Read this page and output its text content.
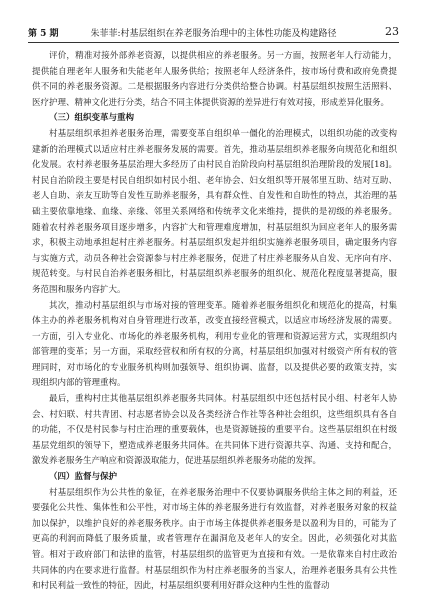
第 5 期	朱菲菲:村基层组织在养老服务治理中的主体性功能及构建路径	23

评价，精准对接外部养老资源，以提供相应的养老服务。另一方面，按照老年人行动能力，提供能自理老年人服务和失能老年人服务供给；按照老年人经济条件，按市场付费和政府免费提供不同的养老服务资源。二是根据服务内容进行分类供给整合协调。村基层组织按照生活照料、医疗护理、精神文化进行分类，结合不同主体提供资源的差异进行有效对接，形成差异化服务。

（三）组织变革与重构

村基层组织承担养老服务治理，需要变革自组织单一僵化的治理模式，以组织功能的改变构建新的治理模式以适应村庄养老服务发展的需要。首先，推动基层组织养老服务向规范化和组织化发展。农村养老服务基层治理大多经历了由村民自治阶段向村基层组织治理阶段的发展[18]。村民自治阶段主要是村民自组织如村民小组、老年协会、妇女组织等开展邻里互助、结对互助、老人自助、亲友互助等自发性互助养老服务，具有群众性、自发性和自助性的特点，其治理的基础主要依靠地缘、血缘、亲缘、邻里关系网络和传统孝文化来维持，提供的是初级的养老服务。随着农村养老服务项目逐步增多，内容扩大和管理难度增加，村基层组织为回应老年人的服务需求，积极主动地承担起村庄养老服务。村基层组织发起并组织实施养老服务项目，确定服务内容与实施方式，动员各种社会资源参与村庄养老服务，促进了村庄养老服务从自发、无序向有序、规范转变。与村民自治养老服务相比，村基层组织养老服务的组织化、规范化程度显著提高，服务范围和服务内容扩大。

其次，推动村基层组织与市场对接的管理变革。随着养老服务组织化和规范化的提高，村集体主办的养老服务机构对自身管理进行改革，改变直接经营模式，以适应市场经济发展的需要。一方面，引入专业化、市场化的养老服务机构，利用专业化的管理和资源运营方式，实现组织内部管理的变革；另一方面，采取经营权和所有权的分离，村基层组织加强对村级资产所有权的管理同时，对市场化的专业服务机构则加强领导、组织协调、监督，以及提供必要的政策支持，实现组织内部的管理重构。

最后，重构村庄其他基层组织养老服务共同体。村基层组织中还包括村民小组、村老年人协会、村妇联、村共青团、村志愿者协会以及各类经济合作社等各种社会组织，这些组织具有各自的功能，不仅是村民参与村庄治理的重要载体，也是资源链接的重要平台。这些基层组织在村级基层党组织的领导下，塑造成养老服务共同体。在共同体下进行资源共享、沟通、支持和配合，激发养老服务生产响应和资源汲取能力，促进基层组织养老服务功能的发挥。

（四）监督与保护

村基层组织作为公共性的象征，在养老服务治理中不仅要协调服务供给主体之间的利益，还要强化公共性、集体性和公平性，对市场主体的养老服务进行有效监督，对养老服务对象的权益加以保护，以维护良好的养老服务秩序。由于市场主体提供养老服务是以盈利为目的，可能为了更高的利润而降低了服务质量，或者管理存在漏洞危及老年人的安全。因此，必须强化对其监管。相对于政府部门和法律的监管，村基层组织的监管更为直接和有效。一是依靠来自村庄政治共同体的内在要求进行监督。村基层组织作为村庄养老服务的当家人，治理养老服务具有公共性和村民利益一致性的特征，因此，村基层组织要利用好群众这种内生性的监督动
